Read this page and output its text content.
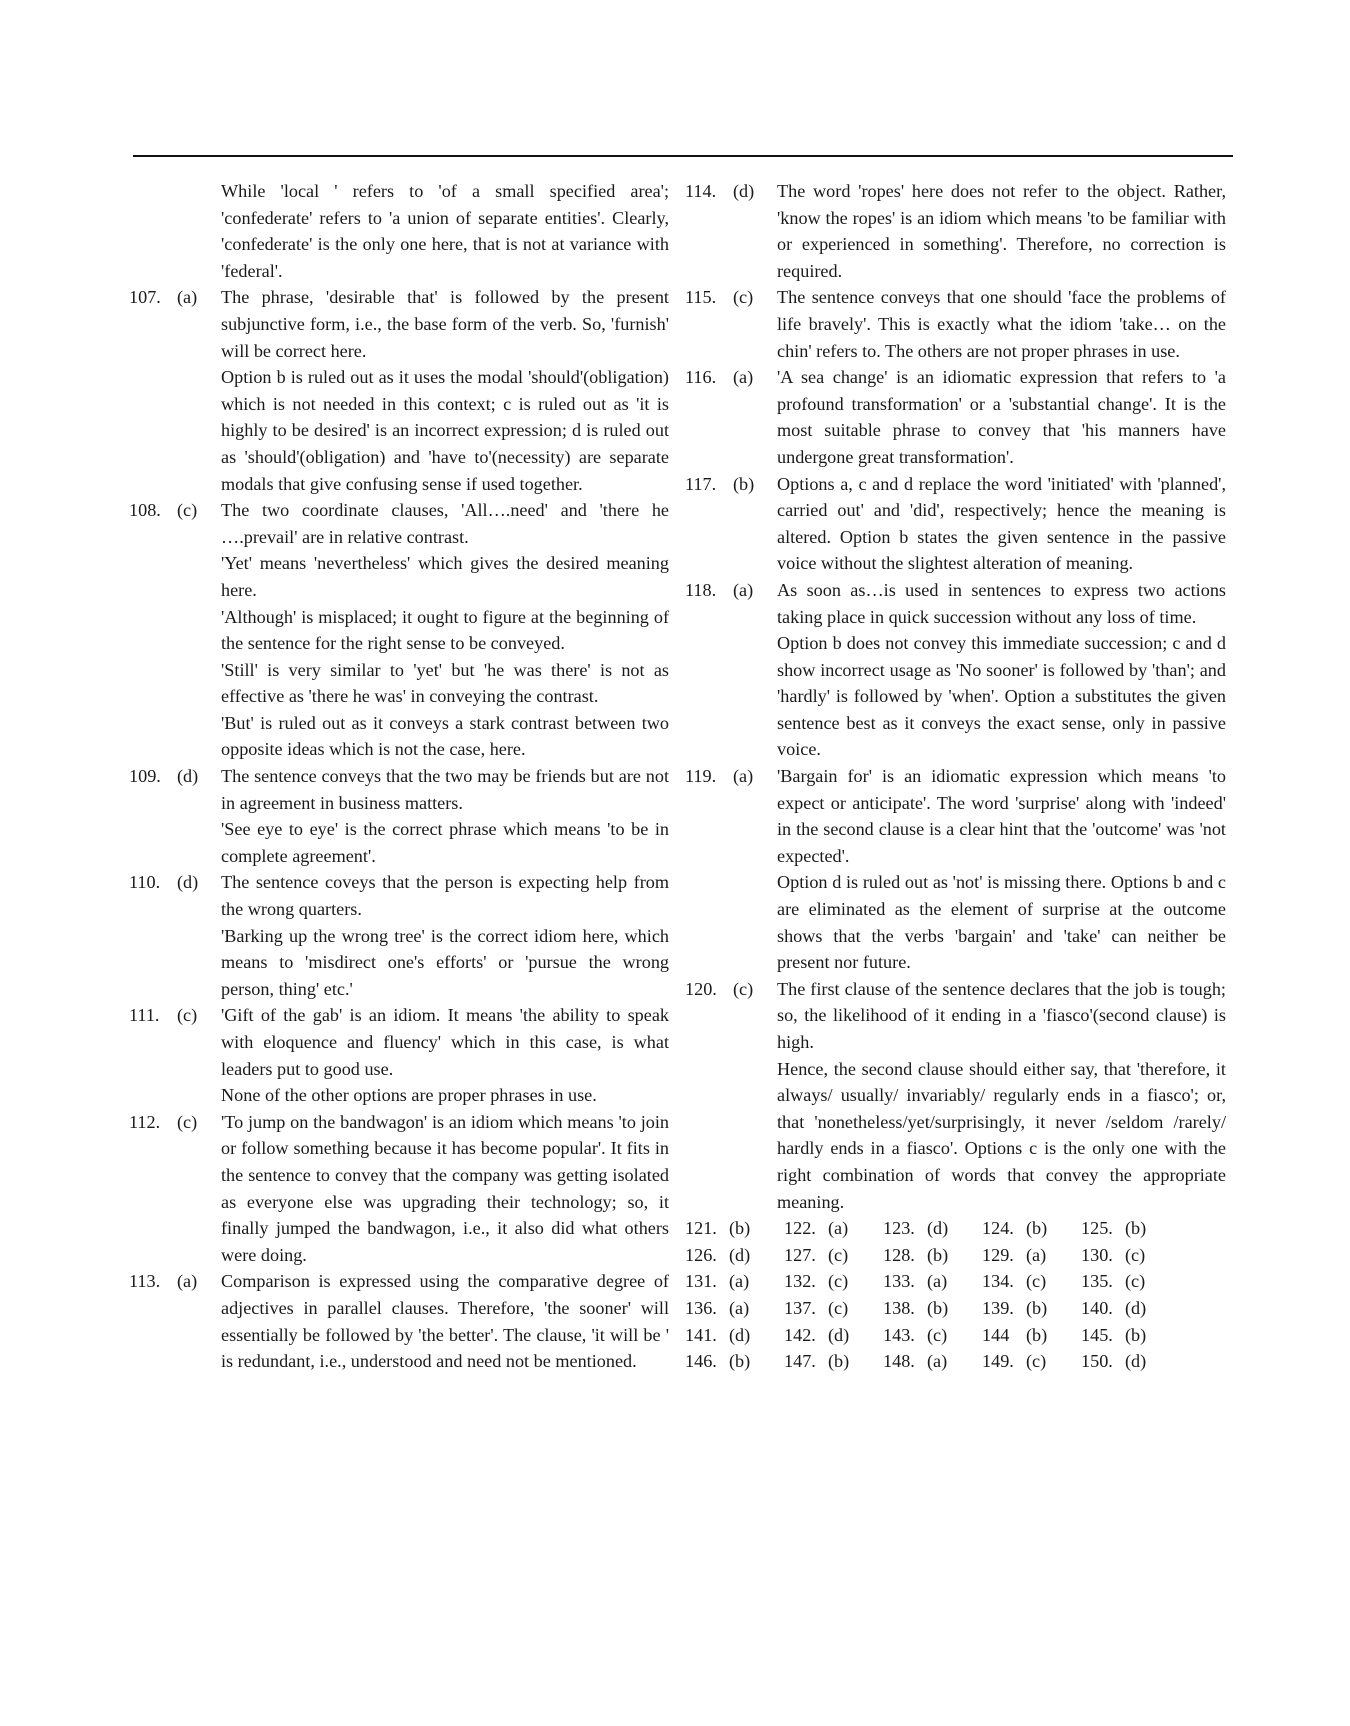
While 'local ' refers to 'of a small specified area'; 'confederate' refers to 'a union of separate entities'. Clearly, 'confederate' is the only one here, that is not at variance with 'federal'.

107. (a)	The phrase, 'desirable that' is followed by the present subjunctive form, i.e., the base form of the verb. So, 'furnish' will be correct here.

Option b is ruled out as it uses the modal 'should'(obligation) which is not needed in this context; c is ruled out as 'it is highly to be desired' is an incorrect expression; d is ruled out as 'should'(obligation) and 'have to'(necessity) are separate modals that give confusing sense if used together.

108. (c)	The two coordinate clauses, 'All….need' and 'there he ….prevail' are in relative contrast.

'Yet' means 'nevertheless' which gives the desired meaning here.

'Although' is misplaced; it ought to figure at the beginning of the sentence for the right sense to be conveyed.

'Still' is very similar to 'yet' but 'he was there' is not as effective as 'there he was' in conveying the contrast.

'But' is ruled out as it conveys a stark contrast between two opposite ideas which is not the case, here.

109. (d)	The sentence conveys that the two may be friends but are not in agreement in business matters.

'See eye to eye' is the correct phrase which means 'to be in complete agreement'.

110. (d)	The sentence coveys that the person is expecting help from the wrong quarters.

'Barking up the wrong tree' is the correct idiom here, which means to 'misdirect one's efforts' or 'pursue the wrong person, thing' etc.'

111. (c)	'Gift of the gab' is an idiom. It means 'the ability to speak with eloquence and fluency' which in this case, is what leaders put to good use.

None of the other options are proper phrases in use.

112. (c)	'To jump on the bandwagon' is an idiom which means 'to join or follow something because it has become popular'. It fits in the sentence to convey that the company was getting isolated as everyone else was upgrading their technology; so, it finally jumped the bandwagon, i.e., it also did what others were doing.

113. (a)	Comparison is expressed using the comparative degree of adjectives in parallel clauses. Therefore, 'the sooner' will essentially be followed by 'the better'. The clause, 'it will be ' is redundant, i.e., understood and need not be mentioned.

114. (d)	The word 'ropes' here does not refer to the object. Rather, 'know the ropes' is an idiom which means 'to be familiar with or experienced in something'. Therefore, no correction is required.

115. (c)	The sentence conveys that one should 'face the problems of life bravely'. This is exactly what the idiom 'take… on the chin' refers to. The others are not proper phrases in use.

116. (a)	'A sea change' is an idiomatic expression that refers to 'a profound transformation' or a 'substantial change'. It is the most suitable phrase to convey that 'his manners have undergone great transformation'.

117. (b)	Options a, c and d replace the word 'initiated' with 'planned', carried out' and 'did', respectively; hence the meaning is altered. Option b states the given sentence in the passive voice without the slightest alteration of meaning.

118. (a)	As soon as…is used in sentences to express two actions taking place in quick succession without any loss of time.

Option b does not convey this immediate succession; c and d show incorrect usage as 'No sooner' is followed by 'than'; and 'hardly' is followed by 'when'. Option a substitutes the given sentence best as it conveys the exact sense, only in passive voice.

119. (a)	'Bargain for' is an idiomatic expression which means 'to expect or anticipate'. The word 'surprise' along with 'indeed' in the second clause is a clear hint that the 'outcome' was 'not expected'.

Option d is ruled out as 'not' is missing there. Options b and c are eliminated as the element of surprise at the outcome shows that the verbs 'bargain' and 'take' can neither be present nor future.

120. (c)	The first clause of the sentence declares that the job is tough; so, the likelihood of it ending in a 'fiasco'(second clause) is high.

Hence, the second clause should either say, that 'therefore, it always/ usually/ invariably/ regularly ends in a fiasco'; or, that 'nonetheless/yet/surprisingly, it never /seldom /rarely/ hardly ends in a fiasco'. Options c is the only one with the right combination of words that convey the appropriate meaning.

121. (b)	122. (a)	123. (d)	124. (b)	125. (b)
126. (d)	127. (c)	128. (b)	129. (a)	130. (c)
131. (a)	132. (c)	133. (a)	134. (c)	135. (c)
136. (a)	137. (c)	138. (b)	139. (b)	140. (d)
141. (d)	142. (d)	143. (c)	144 (b)	145. (b)
146. (b)	147. (b)	148. (a)	149. (c)	150. (d)
